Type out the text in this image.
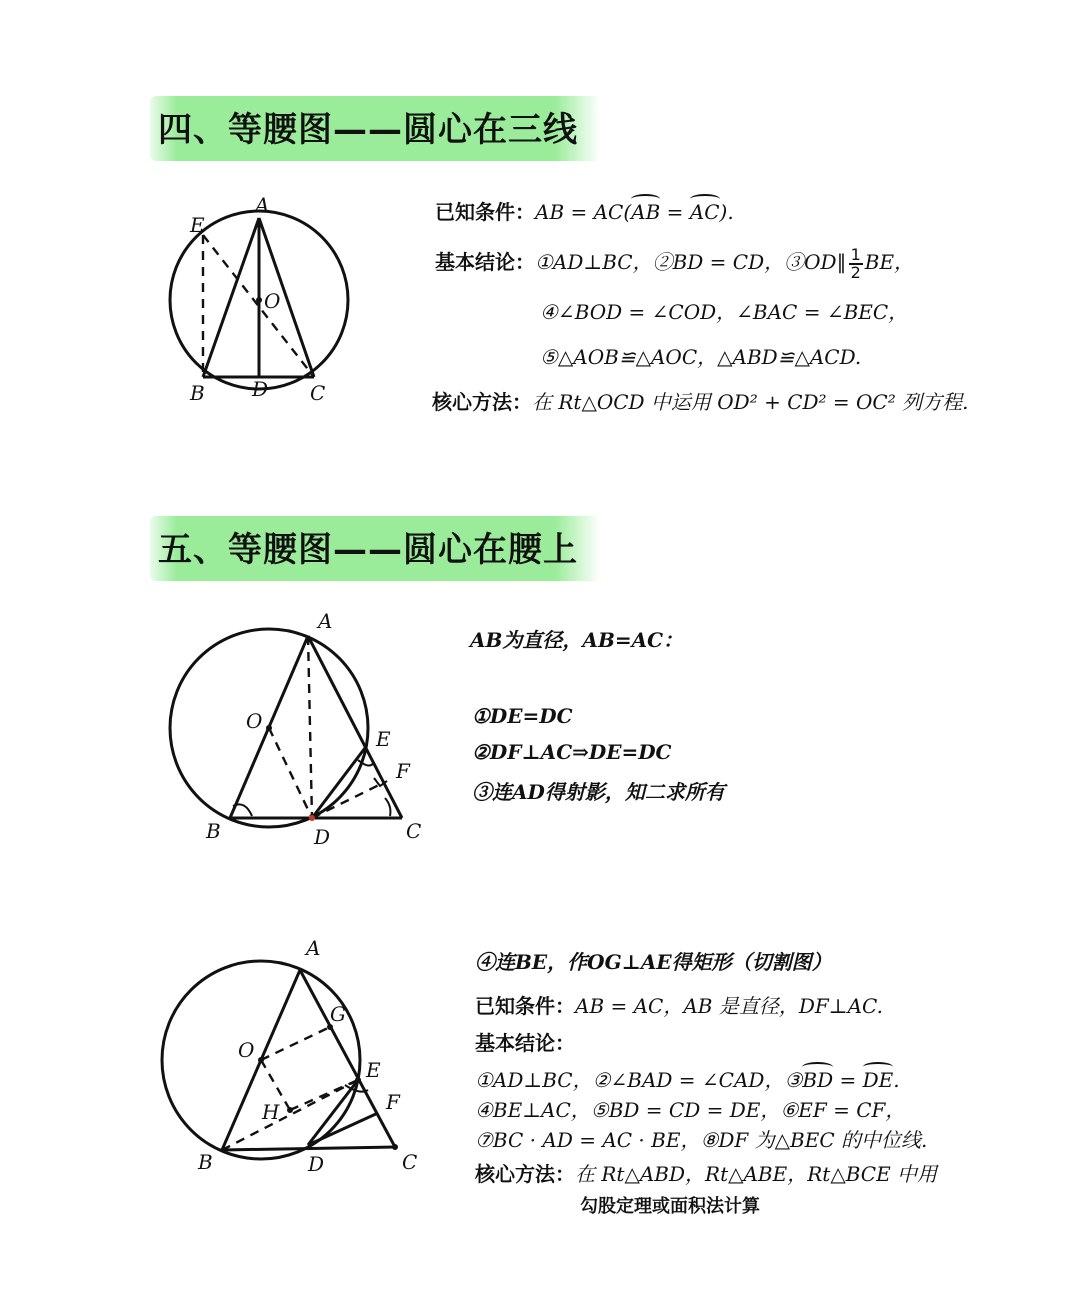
四、等腰图——圆心在三线
A
E
O
B D C
已知条件：AB = AC(AB = AC).
基本结论：①AD⊥BC，②BD = CD，③OD∥ $\frac{1}{2}$ BE，
④∠BOD = ∠COD，∠BAC = ∠BEC，
⑤△AOB≌△AOC，△ABD≌△ACD.
核心方法：在 Rt△OCD 中运用 OD² + CD² = OC² 列方程.
五、等腰图——圆心在腰上
A
O
E
F
B	D	C
AB为直径，AB=AC：
①DE=DC
②DF⊥AC⇒DE=DC
③连AD得射影，知二求所有
A
G
O
E
H	F
B	D	C
④连BE，作OG⊥AE得矩形（切割图）
已知条件：AB = AC，AB 是直径，DF⊥AC.
基本结论：
①AD⊥BC，②∠BAD = ∠CAD，③BD = DE.
④BE⊥AC，⑤BD = CD = DE，⑥EF = CF，
⑦BC · AD = AC · BE，⑧DF 为△BEC 的中位线.
核心方法：在 Rt△ABD，Rt△ABE，Rt△BCE 中用
勾股定理或面积法计算
